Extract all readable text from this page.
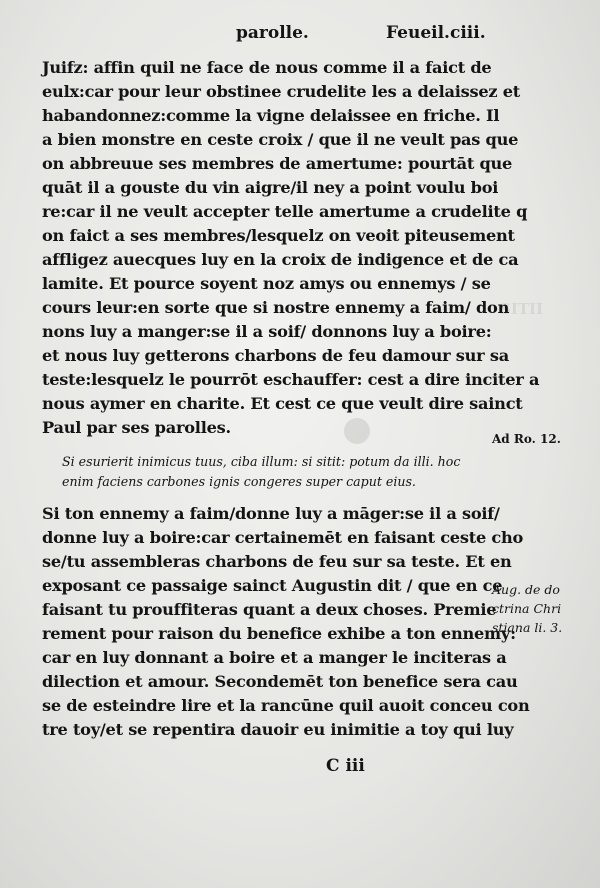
SITII
parolle.	Feueil.ciii.
Juifz: affin quil ne face de nous comme il a faict de
eulx:car pour leur obstinee crudelite les a delaissez et
habandonnez:comme la vigne delaissee en friche. Il
a bien monstre en ceste croix / que il ne veult pas que
on abbreuue ses membres de amertume: pourtāt que
quāt il a gouste du vin aigre/il ney a point voulu boi
re:car il ne veult accepter telle amertume a crudelite q
on faict a ses membres/lesquelz on veoit piteusement
affligez auecques luy en la croix de indigence et de ca
lamite. Et pource soyent noz amys ou ennemys / se
cours leur:en sorte que si nostre ennemy a faim/ don
nons luy a manger:se il a soif/ donnons luy a boire:
et nous luy getterons charbons de feu damour sur sa
teste:lesquelz le pourrōt eschauffer: cest a dire inciter a
nous aymer en charite. Et cest ce que veult dire sainct
Paul par ses parolles.
Si esurierit inimicus tuus, ciba illum: si sitit: potum da illi. hoc
enim faciens carbones ignis congeres super caput eius.
Si ton ennemy a faim/donne luy a māger:se il a soif/
donne luy a boire:car certainemēt en faisant ceste cho
se/tu assembleras charbons de feu sur sa teste. Et en
exposant ce passaige sainct Augustin dit / que en ce
faisant tu prouffiteras quant a deux choses. Premie
rement pour raison du benefice exhibe a ton ennemy:
car en luy donnant a boire et a manger le inciteras a
dilection et amour. Secondemēt ton benefice sera cau
se de esteindre lire et la rancūne quil auoit conceu con
tre toy/et se repentira dauoir eu inimitie a toy qui luy
Ad Ro. 12.
Aug. de do
ctrina Chri
stiana li. 3.
C iii
